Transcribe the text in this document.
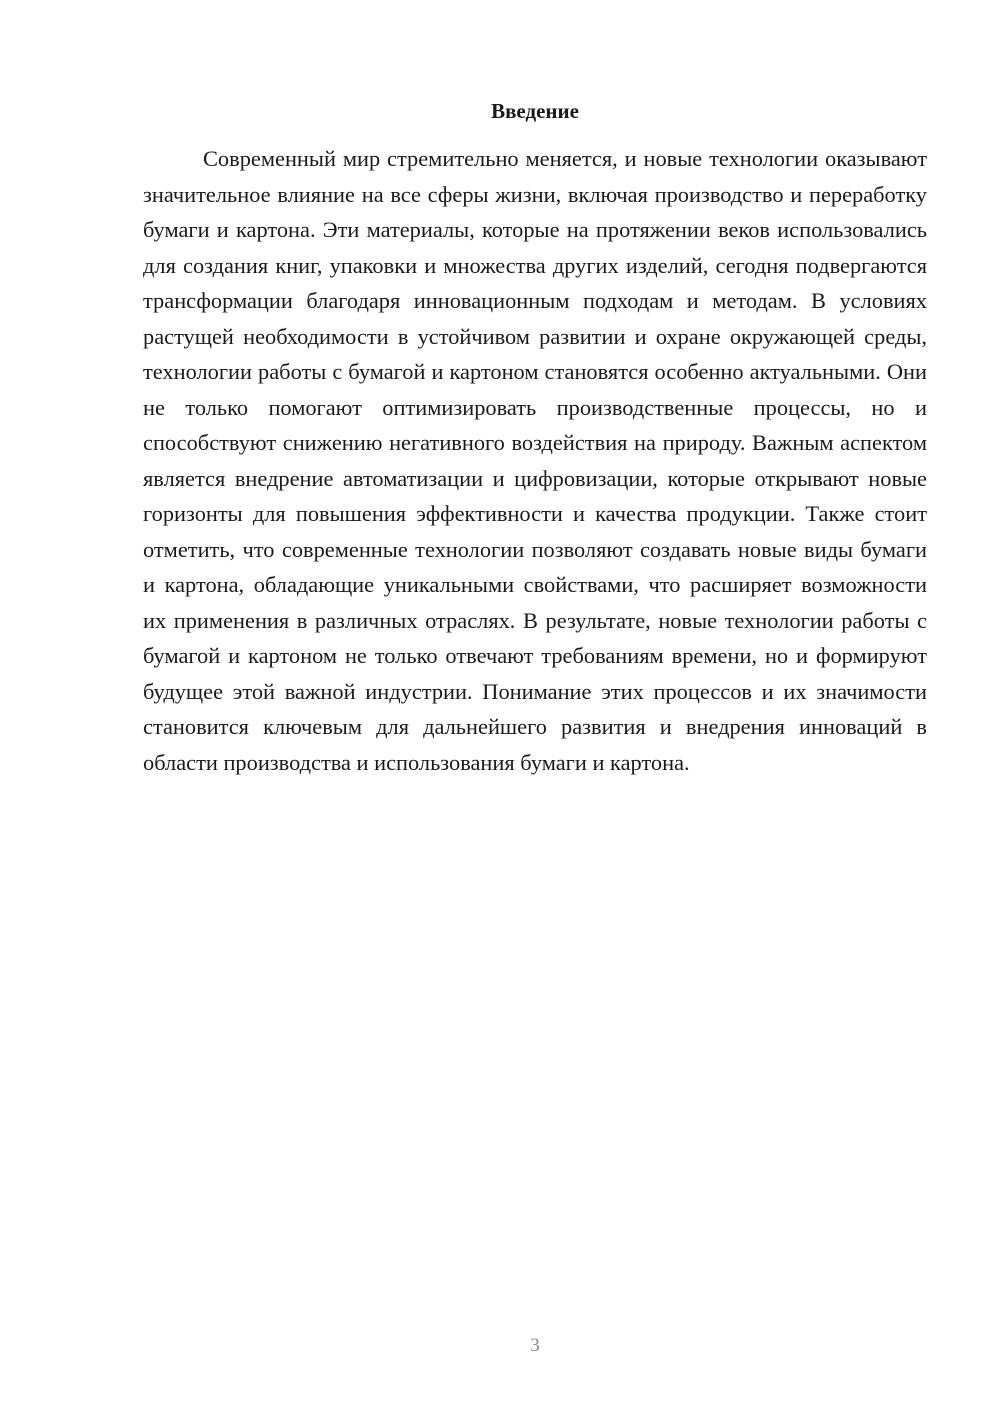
Введение

Современный мир стремительно меняется, и новые технологии оказывают значительное влияние на все сферы жизни, включая производство и переработку бумаги и картона. Эти материалы, которые на протяжении веков использовались для создания книг, упаковки и множества других изделий, сегодня подвергаются трансформации благодаря инновационным подходам и методам. В условиях растущей необходимости в устойчивом развитии и охране окружающей среды, технологии работы с бумагой и картоном становятся особенно актуальными. Они не только помогают оптимизировать производственные процессы, но и способствуют снижению негативного воздействия на природу. Важным аспектом является внедрение автоматизации и цифровизации, которые открывают новые горизонты для повышения эффективности и качества продукции. Также стоит отметить, что современные технологии позволяют создавать новые виды бумаги и картона, обладающие уникальными свойствами, что расширяет возможности их применения в различных отраслях. В результате, новые технологии работы с бумагой и картоном не только отвечают требованиям времени, но и формируют будущее этой важной индустрии. Понимание этих процессов и их значимости становится ключевым для дальнейшего развития и внедрения инноваций в области производства и использования бумаги и картона.

3
